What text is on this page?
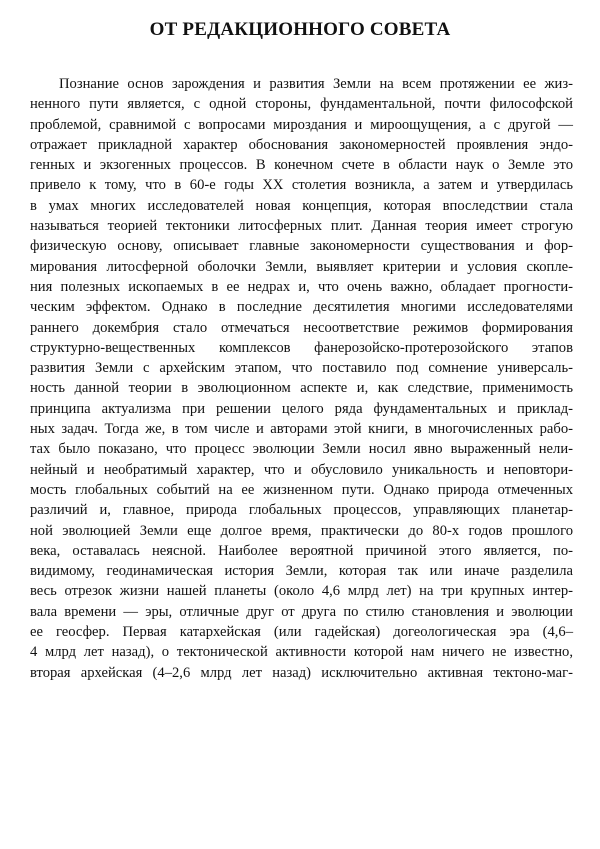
ОТ РЕДАКЦИОННОГО СОВЕТА
Познание основ зарождения и развития Земли на всем протяжении ее жиз-
ненного пути является, с одной стороны, фундаментальной, почти философской
проблемой, сравнимой с вопросами мироздания и мироощущения, а с другой —
отражает прикладной характер обоснования закономерностей проявления эндо-
генных и экзогенных процессов. В конечном счете в области наук о Земле это
привело к тому, что в 60-е годы XX столетия возникла, а затем и утвердилась
в умах многих исследователей новая концепция, которая впоследствии стала
называться теорией тектоники литосферных плит. Данная теория имеет строгую
физическую основу, описывает главные закономерности существования и фор-
мирования литосферной оболочки Земли, выявляет критерии и условия скопле-
ния полезных ископаемых в ее недрах и, что очень важно, обладает прогности-
ческим эффектом. Однако в последние десятилетия многими исследователями
раннего докембрия стало отмечаться несоответствие режимов формирования
структурно-вещественных комплексов фанерозойско-протерозойского этапов
развития Земли с архейским этапом, что поставило под сомнение универсаль-
ность данной теории в эволюционном аспекте и, как следствие, применимость
принципа актуализма при решении целого ряда фундаментальных и приклад-
ных задач. Тогда же, в том числе и авторами этой книги, в многочисленных рабо-
тах было показано, что процесс эволюции Земли носил явно выраженный нели-
нейный и необратимый характер, что и обусловило уникальность и неповтори-
мость глобальных событий на ее жизненном пути. Однако природа отмеченных
различий и, главное, природа глобальных процессов, управляющих планетар-
ной эволюцией Земли еще долгое время, практически до 80-х годов прошлого
века, оставалась неясной. Наиболее вероятной причиной этого является, по-
видимому, геодинамическая история Земли, которая так или иначе разделила
весь отрезок жизни нашей планеты (около 4,6 млрд лет) на три крупных интер-
вала времени — эры, отличные друг от друга по стилю становления и эволюции
ее геосфер. Первая катархейская (или гадейская) догеологическая эра (4,6–
4 млрд лет назад), о тектонической активности которой нам ничего не известно,
вторая архейская (4–2,6 млрд лет назад) исключительно активная тектоно-маг-
